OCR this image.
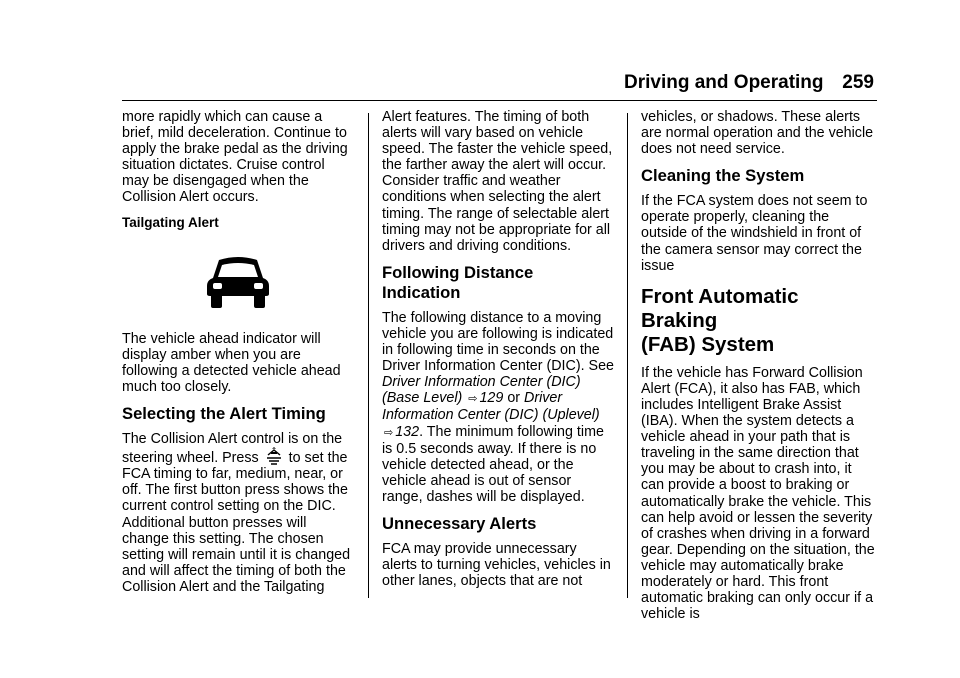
Driving and Operating 259

more rapidly which can cause a brief, mild deceleration. Continue to apply the brake pedal as the driving situation dictates. Cruise control may be disengaged when the Collision Alert occurs.

Tailgating Alert

The vehicle ahead indicator will display amber when you are following a detected vehicle ahead much too closely.

Selecting the Alert Timing

The Collision Alert control is on the steering wheel. Press to set the FCA timing to far, medium, near, or off. The first button press shows the current control setting on the DIC. Additional button presses will change this setting. The chosen setting will remain until it is changed and will affect the timing of both the Collision Alert and the Tailgating

Alert features. The timing of both alerts will vary based on vehicle speed. The faster the vehicle speed, the farther away the alert will occur. Consider traffic and weather conditions when selecting the alert timing. The range of selectable alert timing may not be appropriate for all drivers and driving conditions.

Following Distance Indication

The following distance to a moving vehicle you are following is indicated in following time in seconds on the Driver Information Center (DIC). See Driver Information Center (DIC) (Base Level) ⇨ 129 or Driver Information Center (DIC) (Uplevel) ⇨ 132. The minimum following time is 0.5 seconds away. If there is no vehicle detected ahead, or the vehicle ahead is out of sensor range, dashes will be displayed.

Unnecessary Alerts

FCA may provide unnecessary alerts to turning vehicles, vehicles in other lanes, objects that are not

vehicles, or shadows. These alerts are normal operation and the vehicle does not need service.

Cleaning the System

If the FCA system does not seem to operate properly, cleaning the outside of the windshield in front of the camera sensor may correct the issue

Front Automatic Braking
(FAB) System

If the vehicle has Forward Collision Alert (FCA), it also has FAB, which includes Intelligent Brake Assist (IBA). When the system detects a vehicle ahead in your path that is traveling in the same direction that you may be about to crash into, it can provide a boost to braking or automatically brake the vehicle. This can help avoid or lessen the severity of crashes when driving in a forward gear. Depending on the situation, the vehicle may automatically brake moderately or hard. This front automatic braking can only occur if a vehicle is
